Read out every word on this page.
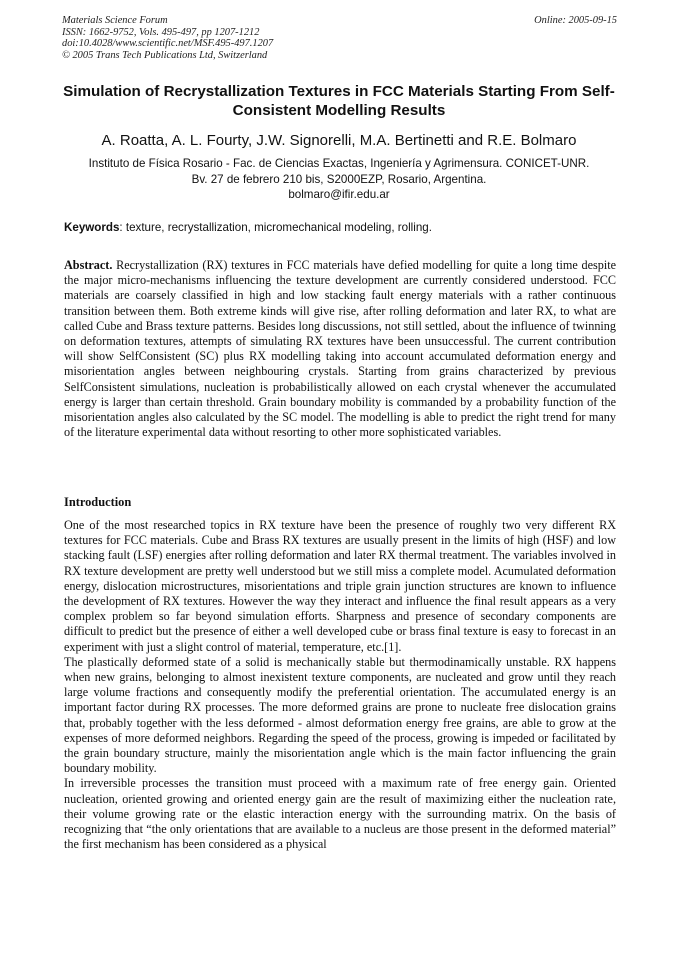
Materials Science Forum
ISSN: 1662-9752, Vols. 495-497, pp 1207-1212
doi:10.4028/www.scientific.net/MSF.495-497.1207
© 2005 Trans Tech Publications Ltd, Switzerland
Online: 2005-09-15
Simulation of Recrystallization Textures in FCC Materials Starting From Self-Consistent Modelling Results
A. Roatta, A. L. Fourty, J.W. Signorelli, M.A. Bertinetti and R.E. Bolmaro
Instituto de Física Rosario - Fac. de Ciencias Exactas, Ingeniería y Agrimensura. CONICET-UNR.
Bv. 27 de febrero 210 bis, S2000EZP, Rosario, Argentina.
bolmaro@ifir.edu.ar
Keywords: texture, recrystallization, micromechanical modeling, rolling.
Abstract. Recrystallization (RX) textures in FCC materials have defied modelling for quite a long time despite the major micro-mechanisms influencing the texture development are currently considered understood. FCC materials are coarsely classified in high and low stacking fault energy materials with a rather continuous transition between them. Both extreme kinds will give rise, after rolling deformation and later RX, to what are called Cube and Brass texture patterns. Besides long discussions, not still settled, about the influence of twinning on deformation textures, attempts of simulating RX textures have been unsuccessful. The current contribution will show SelfConsistent (SC) plus RX modelling taking into account accumulated deformation energy and misorientation angles between neighbouring crystals. Starting from grains characterized by previous SelfConsistent simulations, nucleation is probabilistically allowed on each crystal whenever the accumulated energy is larger than certain threshold. Grain boundary mobility is commanded by a probability function of the misorientation angles also calculated by the SC model. The modelling is able to predict the right trend for many of the literature experimental data without resorting to other more sophisticated variables.
Introduction

One of the most researched topics in RX texture have been the presence of roughly two very different RX textures for FCC materials. Cube and Brass RX textures are usually present in the limits of high (HSF) and low stacking fault (LSF) energies after rolling deformation and later RX thermal treatment. The variables involved in RX texture development are pretty well understood but we still miss a complete model. Acumulated deformation energy, dislocation microstructures, misorientations and triple grain junction structures are known to influence the development of RX textures. However the way they interact and influence the final result appears as a very complex problem so far beyond simulation efforts. Sharpness and presence of secondary components are difficult to predict but the presence of either a well developed cube or brass final texture is easy to forecast in an experiment with just a slight control of material, temperature, etc.[1].

The plastically deformed state of a solid is mechanically stable but thermodinamically unstable. RX happens when new grains, belonging to almost inexistent texture components, are nucleated and grow until they reach large volume fractions and consequently modify the preferential orientation. The accumulated energy is an important factor during RX processes. The more deformed grains are prone to nucleate free dislocation grains that, probably together with the less deformed - almost deformation energy free grains, are able to grow at the expenses of more deformed neighbors. Regarding the speed of the process, growing is impeded or facilitated by the grain boundary structure, mainly the misorientation angle which is the main factor influencing the grain boundary mobility.

In irreversible processes the transition must proceed with a maximum rate of free energy gain. Oriented nucleation, oriented growing and oriented energy gain are the result of maximizing either the nucleation rate, their volume growing rate or the elastic interaction energy with the surrounding matrix. On the basis of recognizing that “the only orientations that are available to a nucleus are those present in the deformed material” the first mechanism has been considered as a physical
